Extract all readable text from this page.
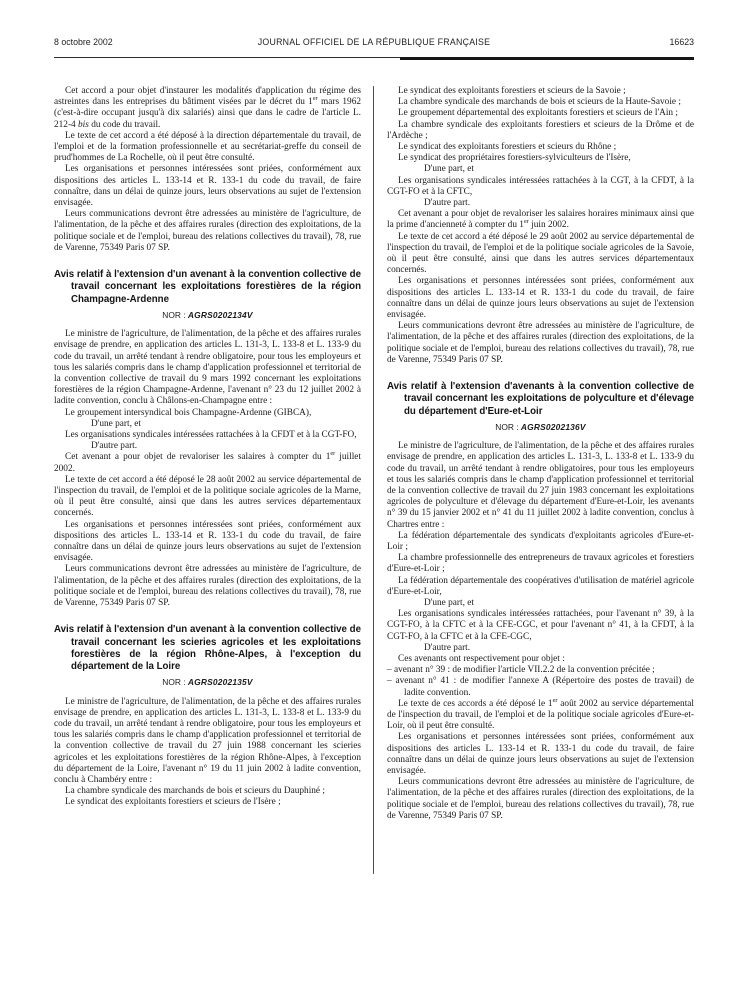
8 octobre 2002	JOURNAL OFFICIEL DE LA RÉPUBLIQUE FRANÇAISE	16623

Cet accord a pour objet d'instaurer les modalités d'application du régime des astreintes dans les entreprises du bâtiment visées par le décret du 1er mars 1962 (c'est-à-dire occupant jusqu'à dix salariés) ainsi que dans le cadre de l'article L. 212-4 bis du code du travail.

Le texte de cet accord a été déposé à la direction départementale du travail, de l'emploi et de la formation professionnelle et au secrétariat-greffe du conseil de prud'hommes de La Rochelle, où il peut être consulté.

Les organisations et personnes intéressées sont priées, conformément aux dispositions des articles L. 133-14 et R. 133-1 du code du travail, de faire connaître, dans un délai de quinze jours, leurs observations au sujet de l'extension envisagée.

Leurs communications devront être adressées au ministère de l'agriculture, de l'alimentation, de la pêche et des affaires rurales (direction des exploitations, de la politique sociale et de l'emploi, bureau des relations collectives du travail), 78, rue de Varenne, 75349 Paris 07 SP.

Avis relatif à l'extension d'un avenant à la convention collective de travail concernant les exploitations forestières de la région Champagne-Ardenne
NOR : AGRS0202134V

Le ministre de l'agriculture, de l'alimentation, de la pêche et des affaires rurales envisage de prendre, en application des articles L. 131-3, L. 133-8 et L. 133-9 du code du travail, un arrêté tendant à rendre obligatoire, pour tous les employeurs et tous les salariés compris dans le champ d'application professionnel et territorial de la convention collective de travail du 9 mars 1992 concernant les exploitations forestières de la région Champagne-Ardenne, l'avenant n° 23 du 12 juillet 2002 à ladite convention, conclu à Châlons-en-Champagne entre :

Le groupement intersyndical bois Champagne-Ardenne (GIBCA),

D'une part, et

Les organisations syndicales intéressées rattachées à la CFDT et à la CGT-FO,

D'autre part.

Cet avenant a pour objet de revaloriser les salaires à compter du 1er juillet 2002.

Le texte de cet accord a été déposé le 28 août 2002 au service départemental de l'inspection du travail, de l'emploi et de la politique sociale agricoles de la Marne, où il peut être consulté, ainsi que dans les autres services départementaux concernés.

Les organisations et personnes intéressées sont priées, conformément aux dispositions des articles L. 133-14 et R. 133-1 du code du travail, de faire connaître dans un délai de quinze jours leurs observations au sujet de l'extension envisagée.

Leurs communications devront être adressées au ministère de l'agriculture, de l'alimentation, de la pêche et des affaires rurales (direction des exploitations, de la politique sociale et de l'emploi, bureau des relations collectives du travail), 78, rue de Varenne, 75349 Paris 07 SP.

Avis relatif à l'extension d'un avenant à la convention collective de travail concernant les scieries agricoles et les exploitations forestières de la région Rhône-Alpes, à l'exception du département de la Loire
NOR : AGRS0202135V

Le ministre de l'agriculture, de l'alimentation, de la pêche et des affaires rurales envisage de prendre, en application des articles L. 131-3, L. 133-8 et L. 133-9 du code du travail, un arrêté tendant à rendre obligatoire, pour tous les employeurs et tous les salariés compris dans le champ d'application professionnel et territorial de la convention collective de travail du 27 juin 1988 concernant les scieries agricoles et les exploitations forestières de la région Rhône-Alpes, à l'exception du département de la Loire, l'avenant n° 19 du 11 juin 2002 à ladite convention, conclu à Chambéry entre :

La chambre syndicale des marchands de bois et scieurs du Dauphiné ;

Le syndicat des exploitants forestiers et scieurs de l'Isère ;

Le syndicat des exploitants forestiers et scieurs de la Savoie ;

La chambre syndicale des marchands de bois et scieurs de la Haute-Savoie ;

Le groupement départemental des exploitants forestiers et scieurs de l'Ain ;

La chambre syndicale des exploitants forestiers et scieurs de la Drôme et de l'Ardèche ;

Le syndicat des exploitants forestiers et scieurs du Rhône ;

Le syndicat des propriétaires forestiers-sylviculteurs de l'Isère,

D'une part, et

Les organisations syndicales intéressées rattachées à la CGT, à la CFDT, à la CGT-FO et à la CFTC,

D'autre part.

Cet avenant a pour objet de revaloriser les salaires horaires minimaux ainsi que la prime d'ancienneté à compter du 1er juin 2002.

Le texte de cet accord a été déposé le 29 août 2002 au service départemental de l'inspection du travail, de l'emploi et de la politique sociale agricoles de la Savoie, où il peut être consulté, ainsi que dans les autres services départementaux concernés.

Les organisations et personnes intéressées sont priées, conformément aux dispositions des articles L. 133-14 et R. 133-1 du code du travail, de faire connaître dans un délai de quinze jours leurs observations au sujet de l'extension envisagée.

Leurs communications devront être adressées au ministère de l'agriculture, de l'alimentation, de la pêche et des affaires rurales (direction des exploitations, de la politique sociale et de l'emploi, bureau des relations collectives du travail), 78, rue de Varenne, 75349 Paris 07 SP.

Avis relatif à l'extension d'avenants à la convention collective de travail concernant les exploitations de polyculture et d'élevage du département d'Eure-et-Loir
NOR : AGRS0202136V

Le ministre de l'agriculture, de l'alimentation, de la pêche et des affaires rurales envisage de prendre, en application des articles L. 131-3, L. 133-8 et L. 133-9 du code du travail, un arrêté tendant à rendre obligatoires, pour tous les employeurs et tous les salariés compris dans le champ d'application professionnel et territorial de la convention collective de travail du 27 juin 1983 concernant les exploitations agricoles de polyculture et d'élevage du département d'Eure-et-Loir, les avenants n° 39 du 15 janvier 2002 et n° 41 du 11 juillet 2002 à ladite convention, conclus à Chartres entre :

La fédération départementale des syndicats d'exploitants agricoles d'Eure-et-Loir ;

La chambre professionnelle des entrepreneurs de travaux agricoles et forestiers d'Eure-et-Loir ;

La fédération départementale des coopératives d'utilisation de matériel agricole d'Eure-et-Loir,

D'une part, et

Les organisations syndicales intéressées rattachées, pour l'avenant n° 39, à la CGT-FO, à la CFTC et à la CFE-CGC, et pour l'avenant n° 41, à la CFDT, à la CGT-FO, à la CFTC et à la CFE-CGC,

D'autre part.

Ces avenants ont respectivement pour objet :

– avenant n° 39 : de modifier l'article VII.2.2 de la convention précitée ;

– avenant n° 41 : de modifier l'annexe A (Répertoire des postes de travail) de ladite convention.

Le texte de ces accords a été déposé le 1er août 2002 au service départemental de l'inspection du travail, de l'emploi et de la politique sociale agricoles d'Eure-et-Loir, où il peut être consulté.

Les organisations et personnes intéressées sont priées, conformément aux dispositions des articles L. 133-14 et R. 133-1 du code du travail, de faire connaître dans un délai de quinze jours leurs observations au sujet de l'extension envisagée.

Leurs communications devront être adressées au ministère de l'agriculture, de l'alimentation, de la pêche et des affaires rurales (direction des exploitations, de la politique sociale et de l'emploi, bureau des relations collectives du travail), 78, rue de Varenne, 75349 Paris 07 SP.
